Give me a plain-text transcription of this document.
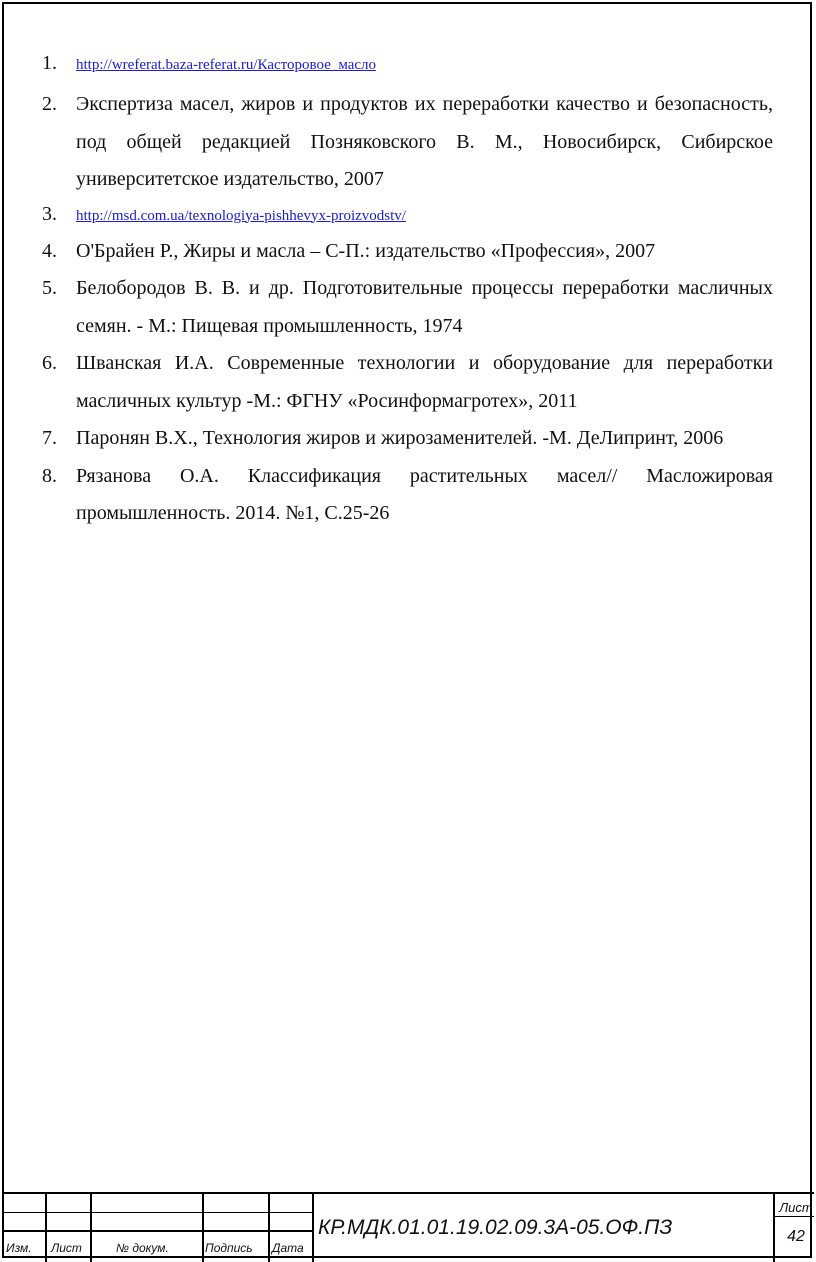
1.	http://wreferat.baza-referat.ru/Касторовое_масло
2. Экспертиза масел, жиров и продуктов их переработки качество и безопасность, под общей редакцией Позняковского В. М., Новосибирск, Сибирское университетское издательство, 2007
3.	http://msd.com.ua/texnologiya-pishhevyx-proizvodstv/
4. О'Брайен Р., Жиры и масла – С-П.: издательство «Профессия», 2007
5. Белобородов В. В. и др. Подготовительные процессы переработки масличных семян. - М.: Пищевая промышленность, 1974
6. Шванская И.А. Современные технологии и оборудование для переработки масличных культур -М.: ФГНУ «Росинформагротех», 2011
7. Паронян В.Х., Технология жиров и жирозаменителей. -М. ДеЛипринт, 2006
8. Рязанова О.А. Классификация растительных масел// Масложировая промышленность. 2014. №1, С.25-26
Изм. Лист	№ докум.	Подпись Дата
КР.МДК.01.01.19.02.09.3А-05.ОФ.ПЗ
Лист
42
